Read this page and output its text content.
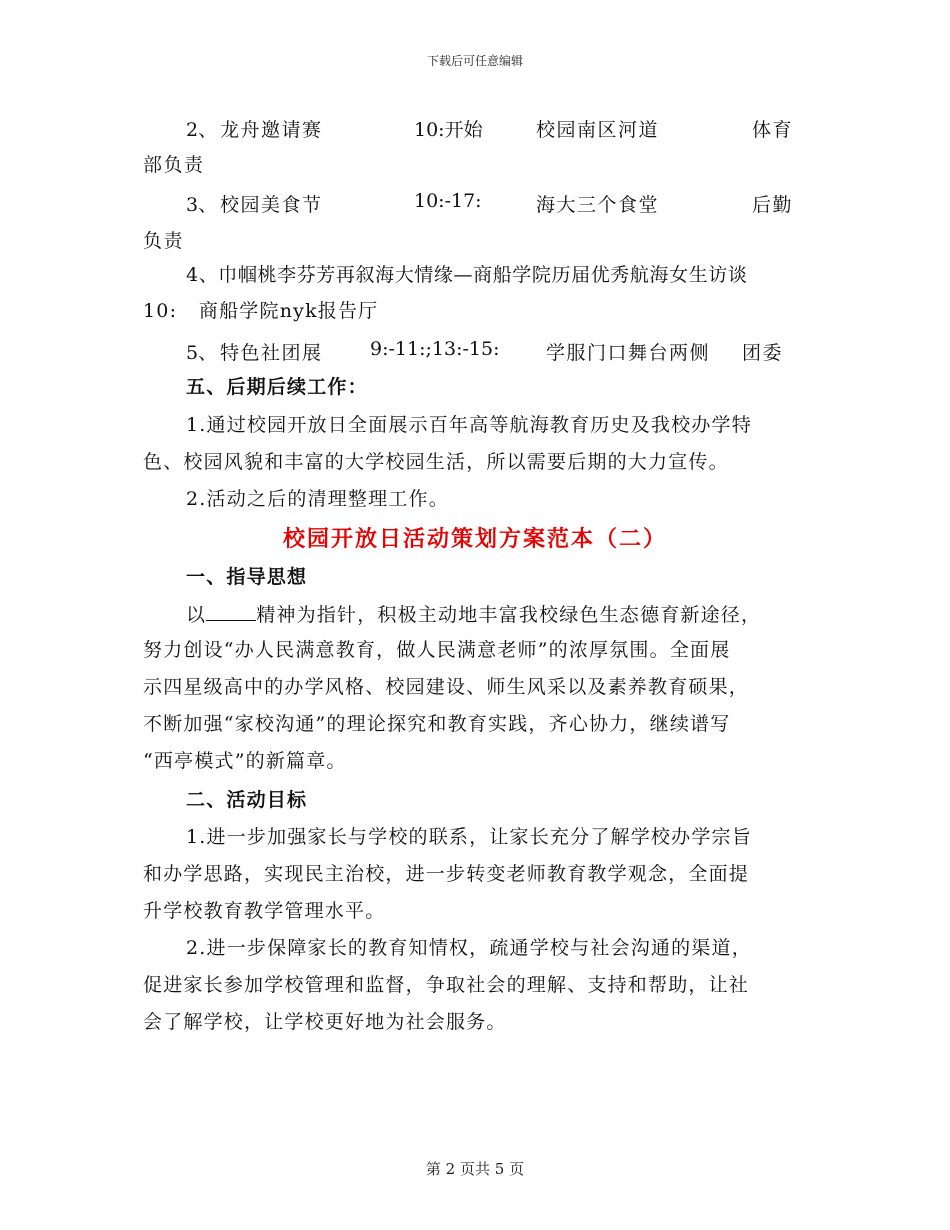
下载后可任意编辑
2、 龙舟邀请赛	10:开始	校园南区河道	体育
部负责
3、 校园美食节	10:-17:	海大三个食堂	后勤
负责
4、巾帼桃李芬芳再叙海大情缘—商船学院历届优秀航海女生访谈
10:   商船学院nyk报告厅
5、 特色社团展 9:-11:;13:-15: 学服门口舞台两侧 团委
五、后期后续工作：
1.通过校园开放日全面展示百年高等航海教育历史及我校办学特
色、校园风貌和丰富的大学校园生活，所以需要后期的大力宣传。
2.活动之后的清理整理工作。
校园开放日活动策划方案范本（二）
一、指导思想
以	精神为指针，积极主动地丰富我校绿色生态德育新途径，
努力创设“办人民满意教育，做人民满意老师”的浓厚氛围。全面展
示四星级高中的办学风格、校园建设、师生风采以及素养教育硕果，
不断加强“家校沟通”的理论探究和教育实践，齐心协力，继续谱写
“西亭模式”的新篇章。
二、活动目标
1.进一步加强家长与学校的联系，让家长充分了解学校办学宗旨
和办学思路，实现民主治校，进一步转变老师教育教学观念，全面提
升学校教育教学管理水平。
2.进一步保障家长的教育知情权，疏通学校与社会沟通的渠道，
促进家长参加学校管理和监督，争取社会的理解、支持和帮助，让社
会了解学校，让学校更好地为社会服务。
第 2 页共 5 页
